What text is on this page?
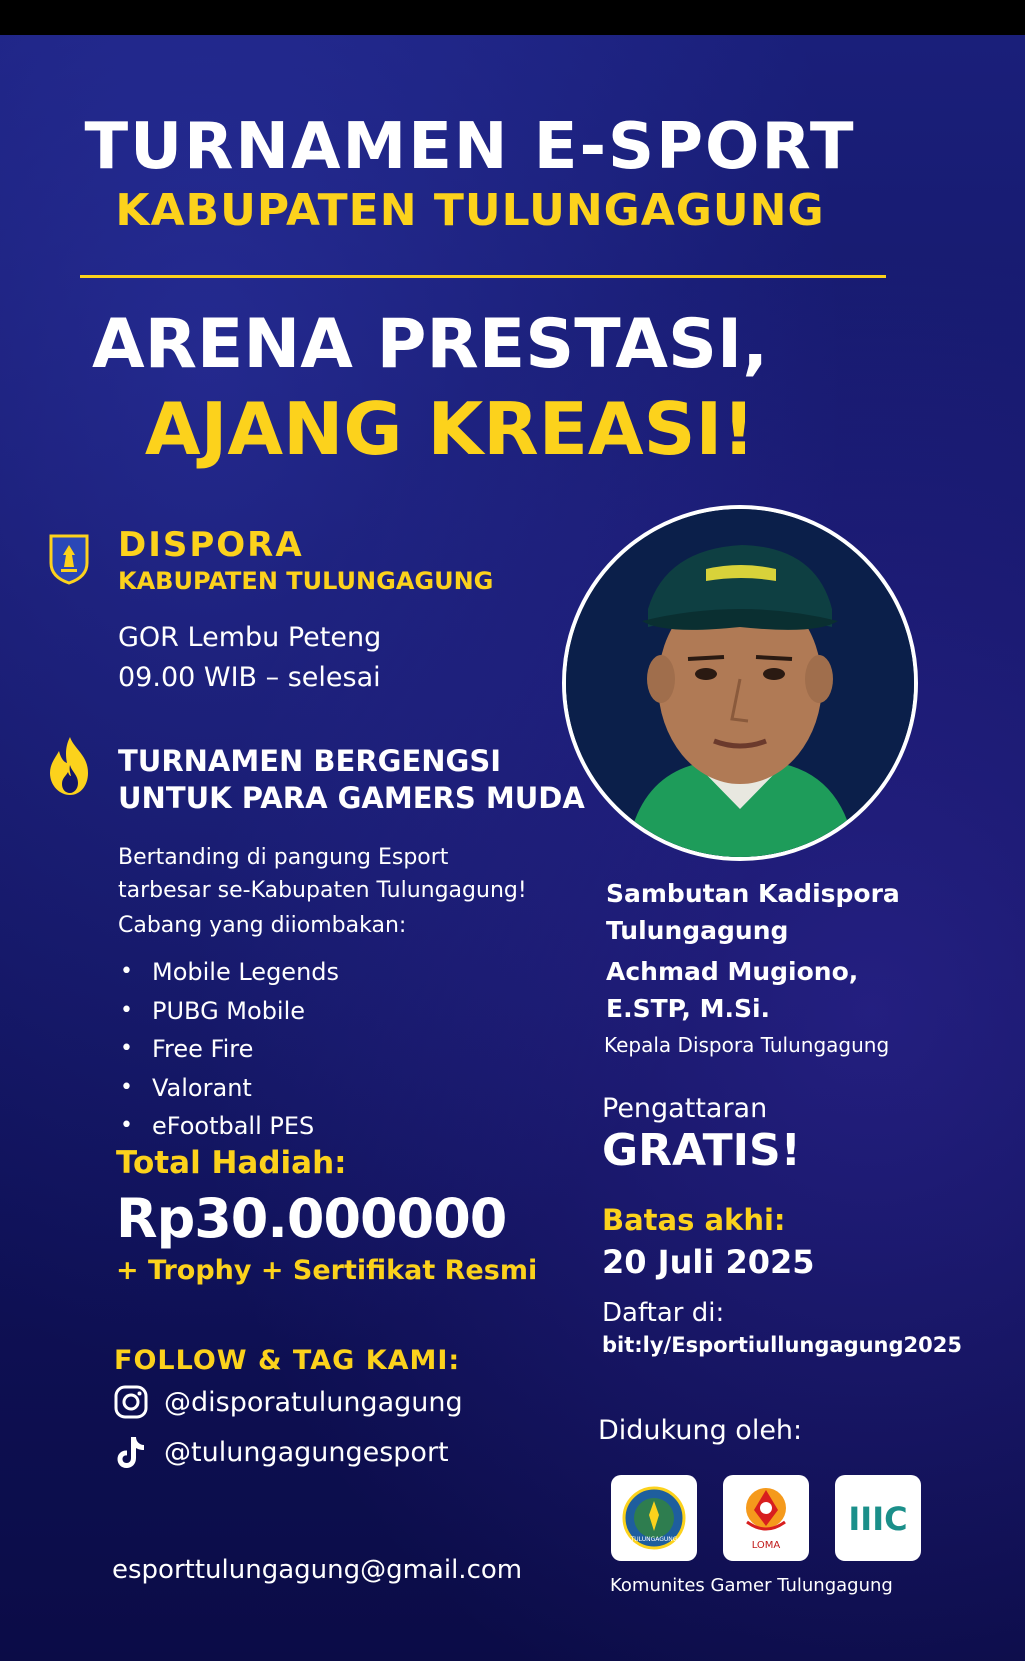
TURNAMEN E-SPORT
KABUPATEN TULUNGAGUNG
ARENA PRESTASI,
AJANG KREASI!
DISPORA
KABUPATEN TULUNGAGUNG
GOR Lembu Peteng
09.00 WIB – selesai
TURNAMEN BERGENGSI
UNTUK PARA GAMERS MUDA
Bertanding di pangung Esport
tarbesar se-Kabupaten Tulungagung!
Cabang yang diiombakan:
• Mobile Legends
• PUBG Mobile
• Free Fire
• Valorant
• eFootball PES
Total Hadiah:
Rp30.000000
+ Trophy + Sertifikat Resmi
FOLLOW & TAG KAMI:
@disporatulungagung
@tulungagungesport
esporttulungagung@gmail.com
Sambutan Kadispora
Tulungagung
Achmad Mugiono,
E.STP, M.Si.
Kepala Dispora Tulungagung
Pengattaran
GRATIS!
Batas akhi:
20 Juli 2025
Daftar di:
bit:ly/Esportiullungagung2025
Didukung oleh:
TULUNGAGUNG
LOMA
IIIC
Komunites Gamer Tulungagung
